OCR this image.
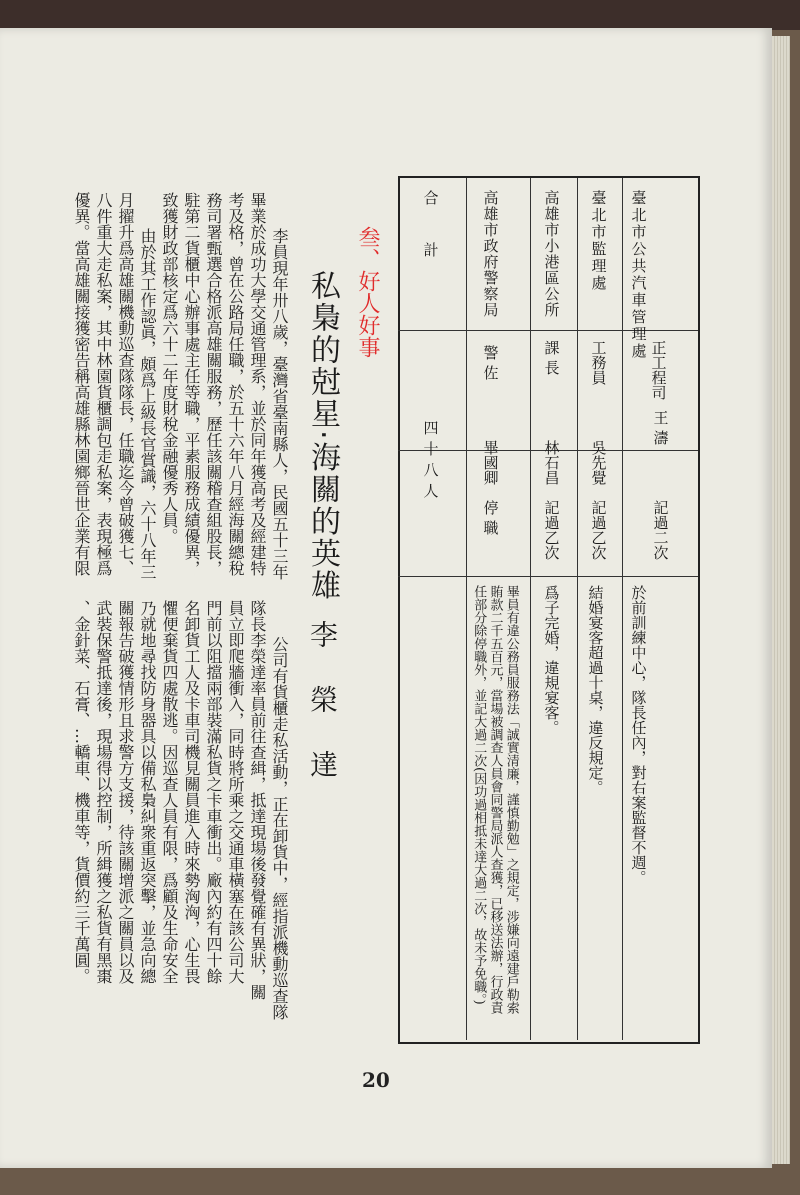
臺北市公共汽車管理處
正工程司
王 濤
記過二次
於前訓練中心，隊長任內，對右案監督不週。
臺北市監理處
工務員
吳先覺
記過乙次
結婚宴客超過十桌，違反規定。
高雄市小港區公所
課 長
林石昌
記過乙次
爲子完婚，違規宴客。
高雄市政府警察局
警 佐
畢國卿
停 職
畢員有違公務員服務法「誠實清廉，謹慎勤勉」之規定，涉嫌向遠建戶勒索賄款二千五百元，當場被調查人員會同警局派人查獲，已移送法辦，行政責任部分除停職外，並記大過二次(因功過相抵未達大過二次，故未予免職。)
合 計
四十八人
叁、好人好事
私梟的尅星‧海關的英雄
李 榮 達
李員現年卅八歲，臺灣省臺南縣人，民國五十三年
畢業於成功大學交通管理系，並於同年獲高考及經建特
考及格，曾在公路局任職，於五十六年八月經海關總稅
務司署甄選合格派高雄關服務，歷任該關稽查組股長，
駐第二貨櫃中心辦事處主任等職，平素服務成績優異，
致獲財政部核定爲六十二年度財稅金融優秀人員。
由於其工作認眞，頗爲上級長官賞識，六十八年三
月擢升爲高雄關機動巡查隊隊長，任職迄今曾破獲七、
八件重大走私案，其中林園貨櫃調包走私案，表現極爲
優異。當高雄關接獲密告稱高雄縣林園鄉晉世企業有限
公司有貨櫃走私活動，正在卸貨中，經指派機動巡查隊
隊長李榮達率員前往查緝，抵達現場後發覺確有異狀，關
員立即爬牆衝入，同時將所乘之交通車橫塞在該公司大
門前以阻擋兩部裝滿私貨之卡車衝出。廠內約有四十餘
名卸貨工人及卡車司機見關員進入時來勢洶洶，心生畏
懼便棄貨四處散逃。因巡查人員有限，爲顧及生命安全
乃就地尋找防身器具以備私梟糾衆重返突擊，並急向總
關報告破獲情形且求警方支援，待該關增派之關員以及
武裝保警抵達後，現場得以控制，所緝獲之私貨有黑棗
、金針菜、石膏、…轎車、機車等，貨價約三千萬圓。
20
